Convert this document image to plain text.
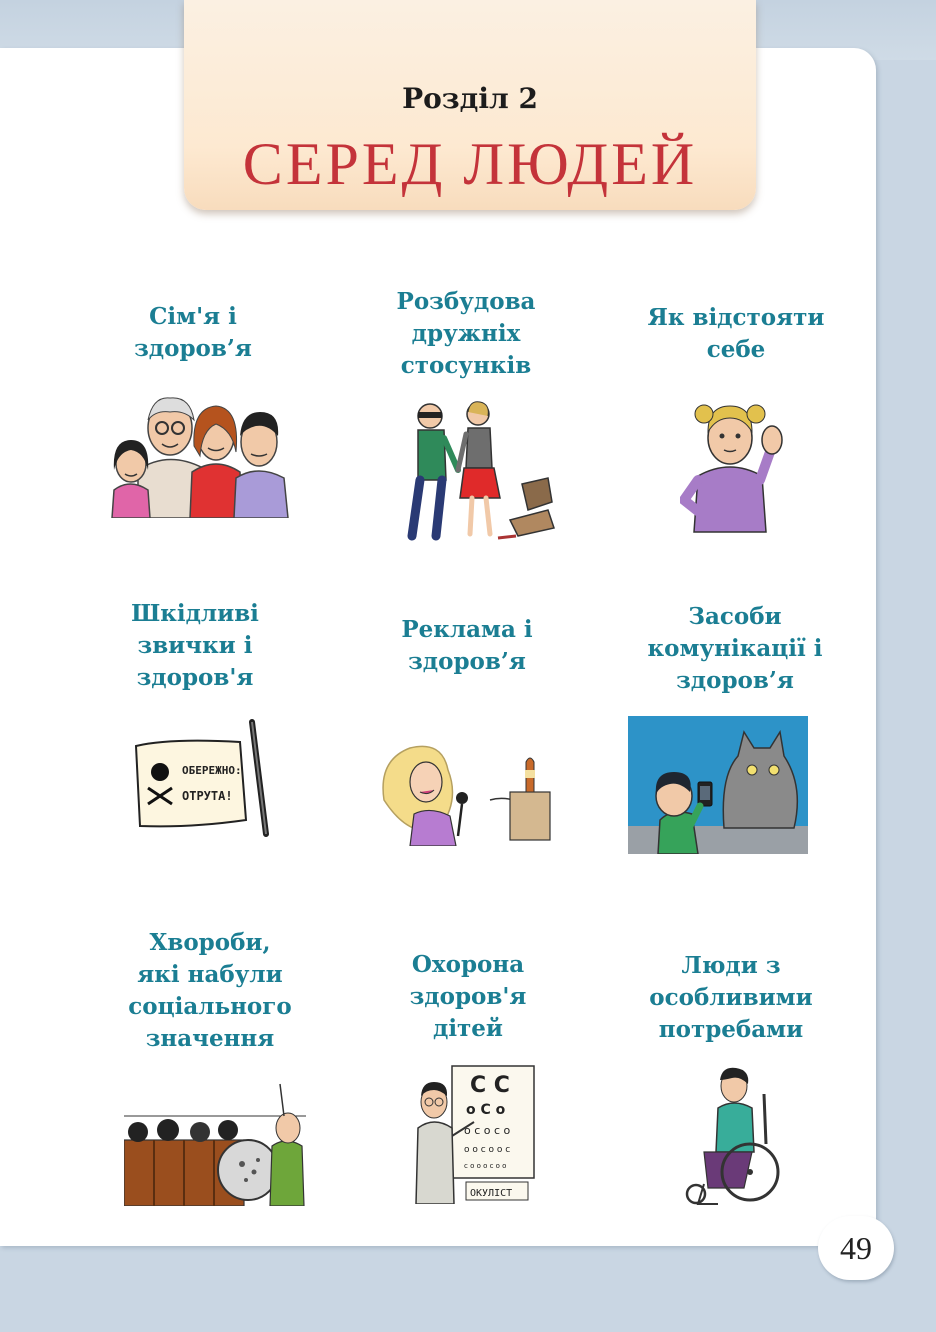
Розділ 2
СЕРЕД ЛЮДЕЙ
Сім'я і
здоров’я
Розбудова
дружніх
стосунків
Як відстояти
себе
Шкідливі
звички і
здоров'я
Реклама і
здоров’я
Засоби
комунікації і
здоров’я
Хвороби,
які набули
соціального
значення
Охорона
здоров'я
дітей
Люди з
особливими
потребами
ОБЕРЕЖНО:
ОТРУТА!
C C
o C o
o c o c o
o o c o o c
c o o o c o o
ОКУЛІСТ
49
